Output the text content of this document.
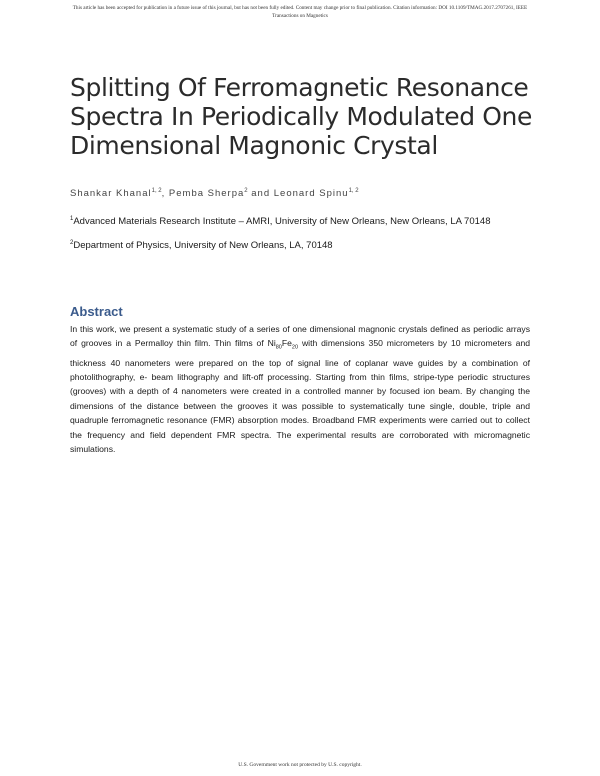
This article has been accepted for publication in a future issue of this journal, but has not been fully edited. Content may change prior to final publication. Citation information: DOI 10.1109/TMAG.2017.2707261, IEEE
Transactions on Magnetics
Splitting Of Ferromagnetic Resonance Spectra In Periodically Modulated One Dimensional Magnonic Crystal
Shankar Khanal$^{1, 2}$, Pemba Sherpa$^2$ and Leonard Spinu$^{1, 2}$
$^1$Advanced Materials Research Institute – AMRI, University of New Orleans, New Orleans, LA 70148
$^2$Department of Physics, University of New Orleans, LA, 70148
Abstract

In this work, we present a systematic study of a series of one dimensional magnonic crystals defined as periodic arrays of grooves in a Permalloy thin film. Thin films of $Ni_{80}Fe_{20}$ with dimensions 350 micrometers by 10 micrometers and thickness 40 nanometers were prepared on the top of signal line of coplanar wave guides by a combination of photolithography, e- beam lithography and lift-off processing. Starting from thin films, stripe-type periodic structures (grooves) with a depth of 4 nanometers were created in a controlled manner by focused ion beam. By changing the dimensions of the distance between the grooves it was possible to systematically tune single, double, triple and quadruple ferromagnetic resonance (FMR) absorption modes. Broadband FMR experiments were carried out to collect the frequency and field dependent FMR spectra. The experimental results are corroborated with micromagnetic simulations.

U.S. Government work not protected by U.S. copyright.
